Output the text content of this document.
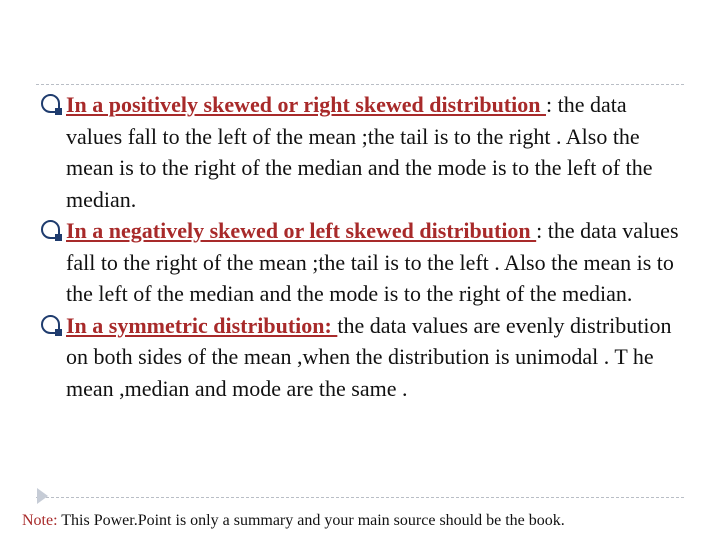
In a positively skewed or right skewed distribution : the data values fall to the left of the mean ;the tail is to the right . Also the mean is to the right of the median and the mode is to the left of the median.
In a negatively skewed or left skewed distribution : the data values fall to the right of the mean ;the tail is to the left . Also the mean is to the left of the median and the mode is to the right of the median.
In a symmetric distribution: the data values are evenly distribution on both sides of the mean ,when the distribution is unimodal . T he mean ,median and mode are the same .
Note: This Power.Point is only a summary and your main source should be the book.
